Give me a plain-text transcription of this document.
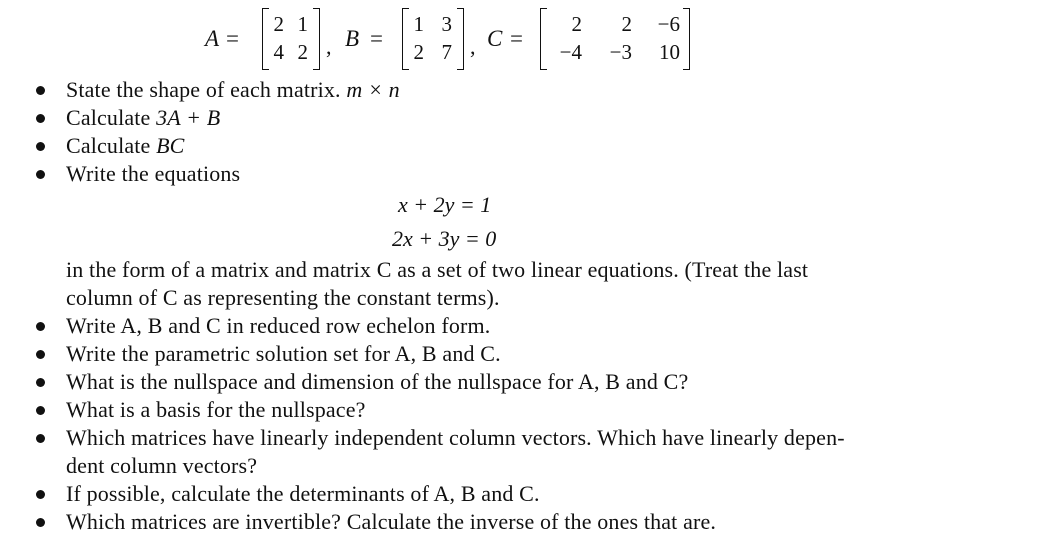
A =
2 1
4 2 , B =
1 3
2 7 , C =
2	2	−6
−4	−3	10
State the shape of each matrix. m × n
Calculate 3A + B
Calculate BC
Write the equations
x + 2y = 1
2x + 3y = 0
in the form of a matrix and matrix C as a set of two linear equations. (Treat the last
column of C as representing the constant terms).
Write A, B and C in reduced row echelon form.
Write the parametric solution set for A, B and C.
What is the nullspace and dimension of the nullspace for A, B and C?
What is a basis for the nullspace?
Which matrices have linearly independent column vectors. Which have linearly depen-
dent column vectors?
If possible, calculate the determinants of A, B and C.
Which matrices are invertible? Calculate the inverse of the ones that are.
